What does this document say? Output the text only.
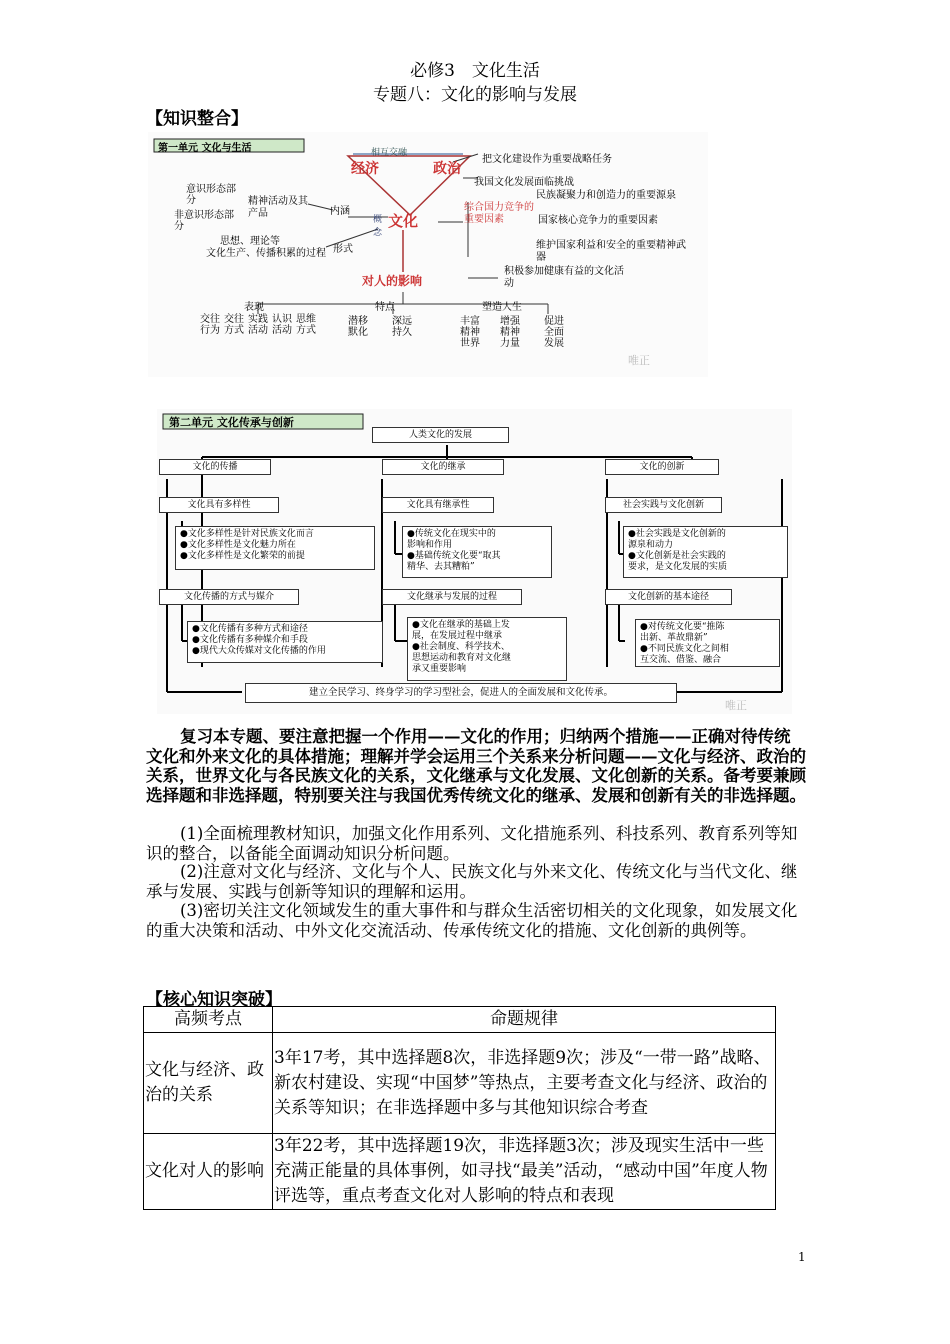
必修3　文化生活
专题八：文化的影响与发展
【知识整合】
第一单元 文化与生活	相互交融
经济	政治
文化
概念
意识形态部分
非意识形态部分
精神活动及其产品	内涵
思想、理论等
形式
文化生产、传播积累的过程
把文化建设作为重要战略任务
我国文化发展面临挑战
综合国力竞争的重要因素
民族凝聚力和创造力的重要源泉
国家核心竞争力的重要因素
维护国家利益和安全的重要精神武器
对人的影响
积极参加健康有益的文化活动
表现	特点	塑造人生
交往行为
交往方式
实践活动
认识活动
思维方式
潜移默化
深远持久
丰富精神世界
增强精神力量
促进全面发展
唯正
第二单元 文化传承与创新
人类文化的发展
文化的传播	文化的继承	文化的创新
文化具有多样性	文化具有继承性	社会实践与文化创新
●文化多样性是针对民族文化而言
●文化多样性是文化魅力所在
●文化多样性是文化繁荣的前提
●传统文化在现实中的
影响和作用
●基础传统文化要“取其
精华、去其糟粕”
●社会实践是文化创新的
源泉和动力
●文化创新是社会实践的
要求，是文化发展的实质
文化传播的方式与媒介	文化继承与发展的过程	文化创新的基本途径
●文化传播有多种方式和途径
●文化传播有多种媒介和手段
●现代大众传媒对文化传播的作用
●文化在继承的基础上发
展，在发展过程中继承
●社会制度、科学技术、
思想运动和教育对文化继
承又重要影响
●对传统文化要“推陈
出新、革故鼎新”
●不同民族文化之间相
互交流、借鉴、融合
建立全民学习、终身学习的学习型社会，促进人的全面发展和文化传承。
唯正
复习本专题、要注意把握一个作用——文化的作用；归纳两个措施——正确对待传统文化和外来文化的具体措施；理解并学会运用三个关系来分析问题——文化与经济、政治的关系，世界文化与各民族文化的关系，文化继承与文化发展、文化创新的关系。备考要兼顾选择题和非选择题，特别要关注与我国优秀传统文化的继承、发展和创新有关的非选择题。
(1)全面梳理教材知识，加强文化作用系列、文化措施系列、科技系列、教育系列等知识的整合，以备能全面调动知识分析问题。
(2)注意对文化与经济、文化与个人、民族文化与外来文化、传统文化与当代文化、继承与发展、实践与创新等知识的理解和运用。
(3)密切关注文化领域发生的重大事件和与群众生活密切相关的文化现象，如发展文化的重大决策和活动、中外文化交流活动、传承传统文化的措施、文化创新的典例等。
【核心知识突破】
高频考点	命题规律
文化与经济、政治的关系	3年17考，其中选择题8次，非选择题9次；涉及“一带一路”战略、新农村建设、实现“中国梦”等热点，主要考查文化与经济、政治的关系等知识；在非选择题中多与其他知识综合考查
文化对人的影响	3年22考，其中选择题19次，非选择题3次；涉及现实生活中一些充满正能量的具体事例，如寻找“最美”活动，“感动中国”年度人物评选等，重点考查文化对人影响的特点和表现
1
